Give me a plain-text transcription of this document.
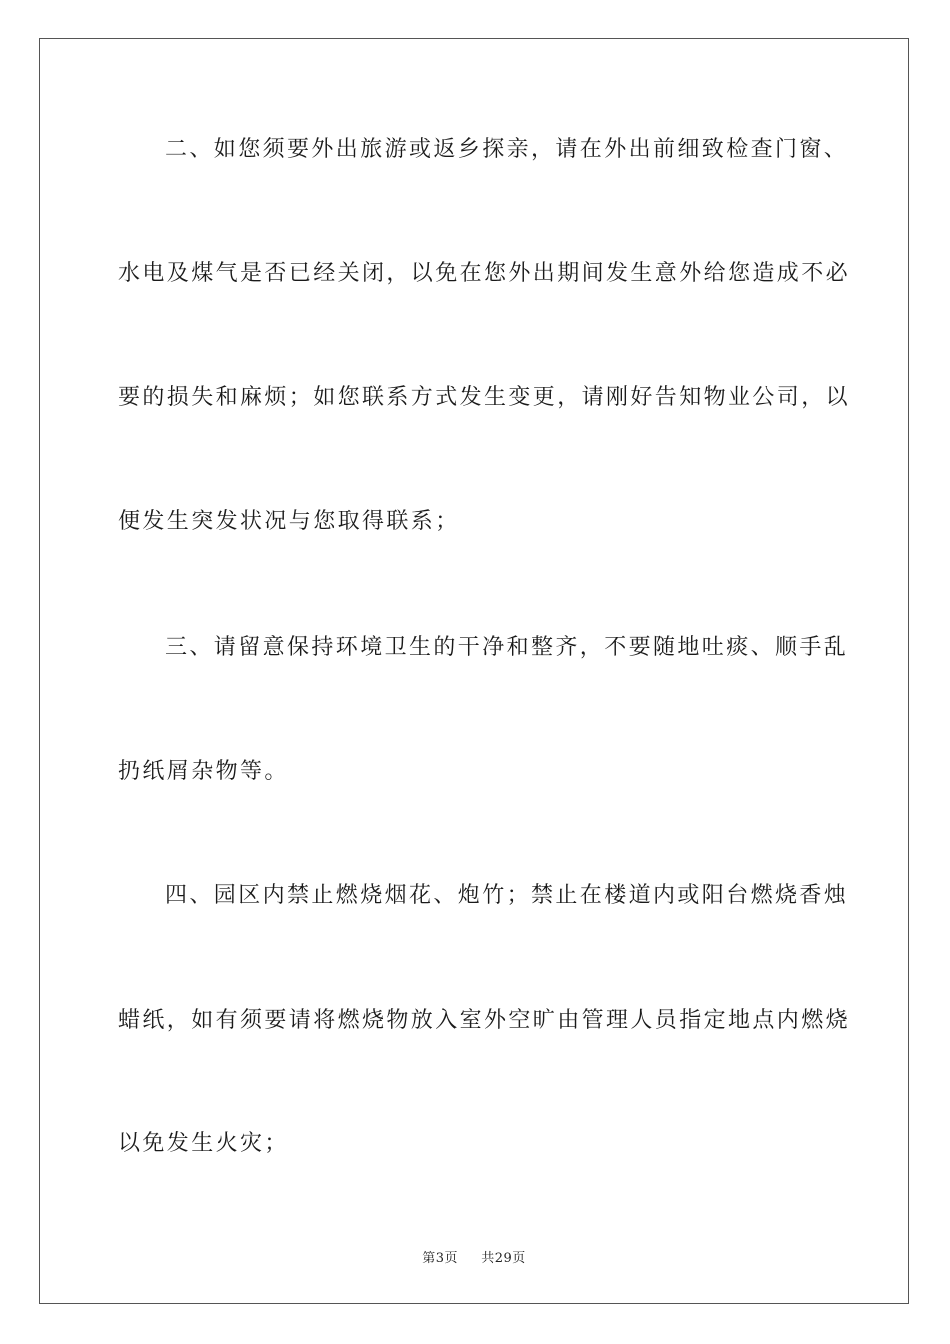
二、如您须要外出旅游或返乡探亲，请在外出前细致检查门窗、
水电及煤气是否已经关闭，以免在您外出期间发生意外给您造成不必
要的损失和麻烦；如您联系方式发生变更，请刚好告知物业公司，以
便发生突发状况与您取得联系；
三、请留意保持环境卫生的干净和整齐，不要随地吐痰、顺手乱
扔纸屑杂物等。
四、园区内禁止燃烧烟花、炮竹；禁止在楼道内或阳台燃烧香烛
蜡纸，如有须要请将燃烧物放入室外空旷由管理人员指定地点内燃烧
以免发生火灾；
第3页 共29页
